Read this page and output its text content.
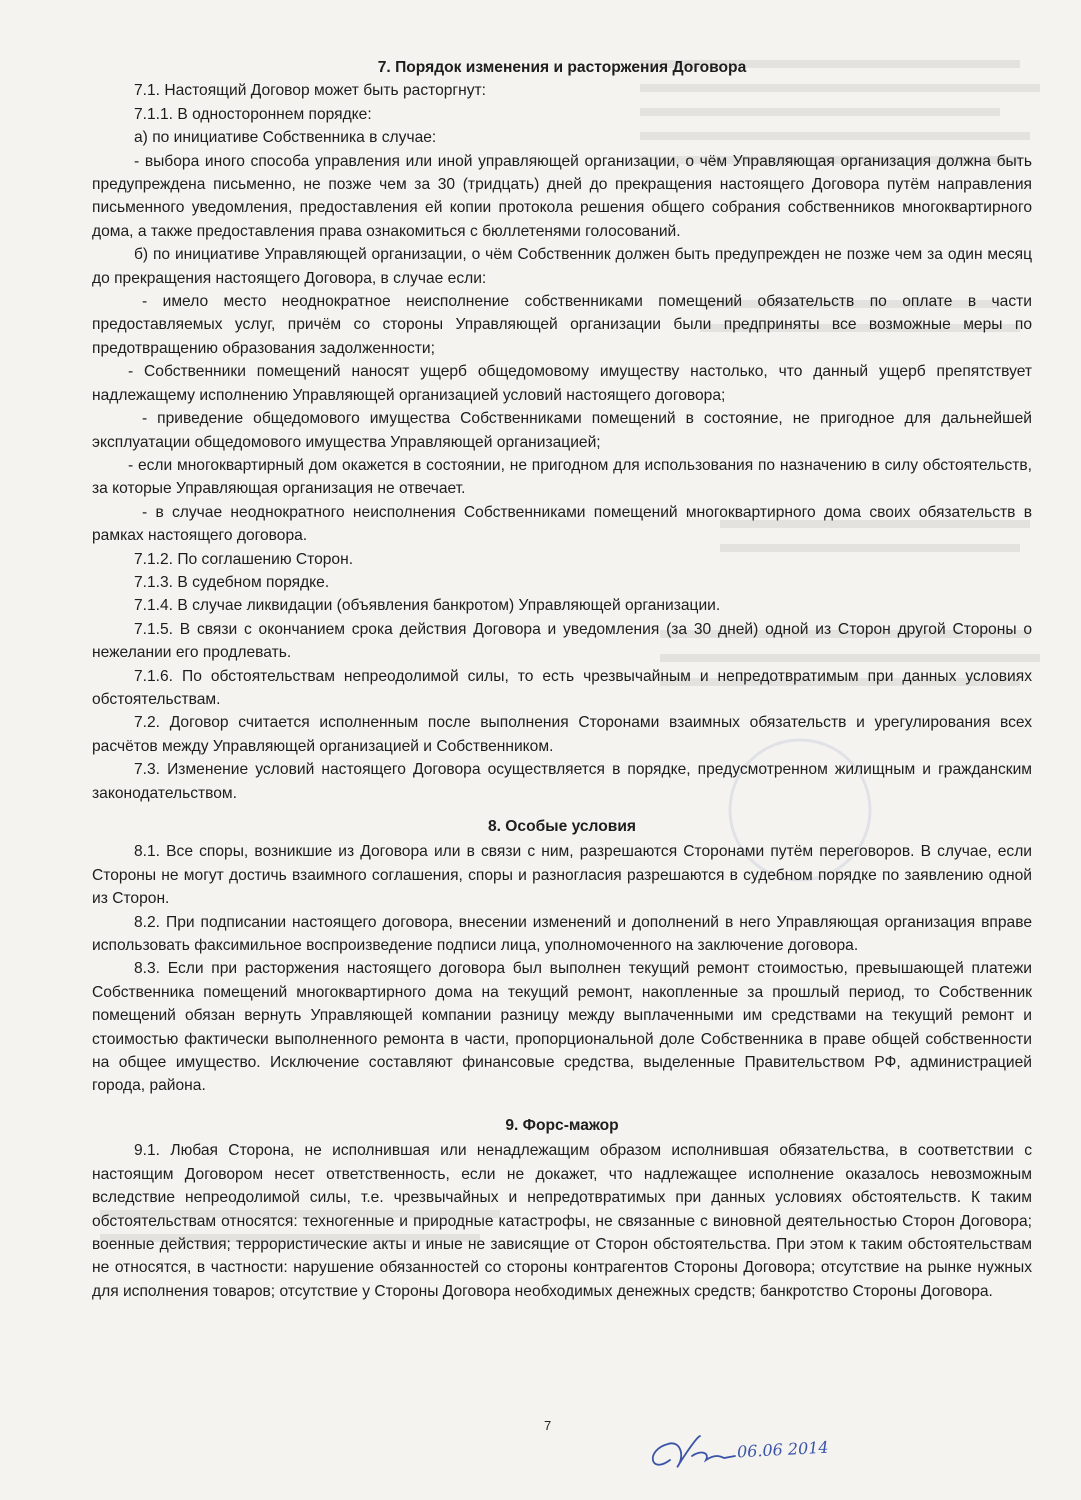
7. Порядок изменения и расторжения Договора

7.1. Настоящий Договор может быть расторгнут:

7.1.1. В одностороннем порядке:

а) по инициативе Собственника в случае:

- выбора иного способа управления или иной управляющей организации, о чём Управляющая организация должна быть предупреждена письменно, не позже чем за 30 (тридцать) дней до прекращения настоящего Договора путём направления письменного уведомления, предоставления ей копии протокола решения общего собрания собственников многоквартирного дома, а также предоставления права ознакомиться с бюллетенями голосований.

б) по инициативе Управляющей организации, о чём Собственник должен быть предупрежден не позже чем за один месяц до прекращения настоящего Договора, в случае если:

- имело место неоднократное неисполнение собственниками помещений обязательств по оплате в части предоставляемых услуг, причём со стороны Управляющей организации были предприняты все возможные меры по предотвращению образования задолженности;

- Собственники помещений наносят ущерб общедомовому имуществу настолько, что данный ущерб препятствует надлежащему исполнению Управляющей организацией условий настоящего договора;

- приведение общедомового имущества Собственниками помещений в состояние, не пригодное для дальнейшей эксплуатации общедомового имущества Управляющей организацией;

- если многоквартирный дом окажется в состоянии, не пригодном для использования по назначению в силу обстоятельств, за которые Управляющая организация не отвечает.

- в случае неоднократного неисполнения Собственниками помещений многоквартирного дома своих обязательств в рамках настоящего договора.

7.1.2. По соглашению Сторон.

7.1.3. В судебном порядке.

7.1.4. В случае ликвидации (объявления банкротом) Управляющей организации.

7.1.5. В связи с окончанием срока действия Договора и уведомления (за 30 дней) одной из Сторон другой Стороны о нежелании его продлевать.

7.1.6. По обстоятельствам непреодолимой силы, то есть чрезвычайным и непредотвратимым при данных условиях обстоятельствам.

7.2. Договор считается исполненным после выполнения Сторонами взаимных обязательств и урегулирования всех расчётов между Управляющей организацией и Собственником.

7.3. Изменение условий настоящего Договора осуществляется в порядке, предусмотренном жилищным и гражданским законодательством.

8. Особые условия

8.1. Все споры, возникшие из Договора или в связи с ним, разрешаются Сторонами путём переговоров. В случае, если Стороны не могут достичь взаимного соглашения, споры и разногласия разрешаются в судебном порядке по заявлению одной из Сторон.

8.2. При подписании настоящего договора, внесении изменений и дополнений в него Управляющая организация вправе использовать факсимильное воспроизведение подписи лица, уполномоченного на заключение договора.

8.3. Если при расторжения настоящего договора был выполнен текущий ремонт стоимостью, превышающей платежи Собственника помещений многоквартирного дома на текущий ремонт, накопленные за прошлый период, то Собственник помещений обязан вернуть Управляющей компании разницу между выплаченными им средствами на текущий ремонт и стоимостью фактически выполненного ремонта в части, пропорциональной доле Собственника в праве общей собственности на общее имущество. Исключение составляют финансовые средства, выделенные Правительством РФ, администрацией города, района.

9. Форс-мажор

9.1. Любая Сторона, не исполнившая или ненадлежащим образом исполнившая обязательства, в соответствии с настоящим Договором несет ответственность, если не докажет, что надлежащее исполнение оказалось невозможным вследствие непреодолимой силы, т.е. чрезвычайных и непредотвратимых при данных условиях обстоятельств. К таким обстоятельствам относятся: техногенные и природные катастрофы, не связанные с виновной деятельностью Сторон Договора; военные действия; террористические акты и иные не зависящие от Сторон обстоятельства. При этом к таким обстоятельствам не относятся, в частности: нарушение обязанностей со стороны контрагентов Стороны Договора; отсутствие на рынке нужных для исполнения товаров; отсутствие у Стороны Договора необходимых денежных средств; банкротство Стороны Договора.

7
06.06 2014
